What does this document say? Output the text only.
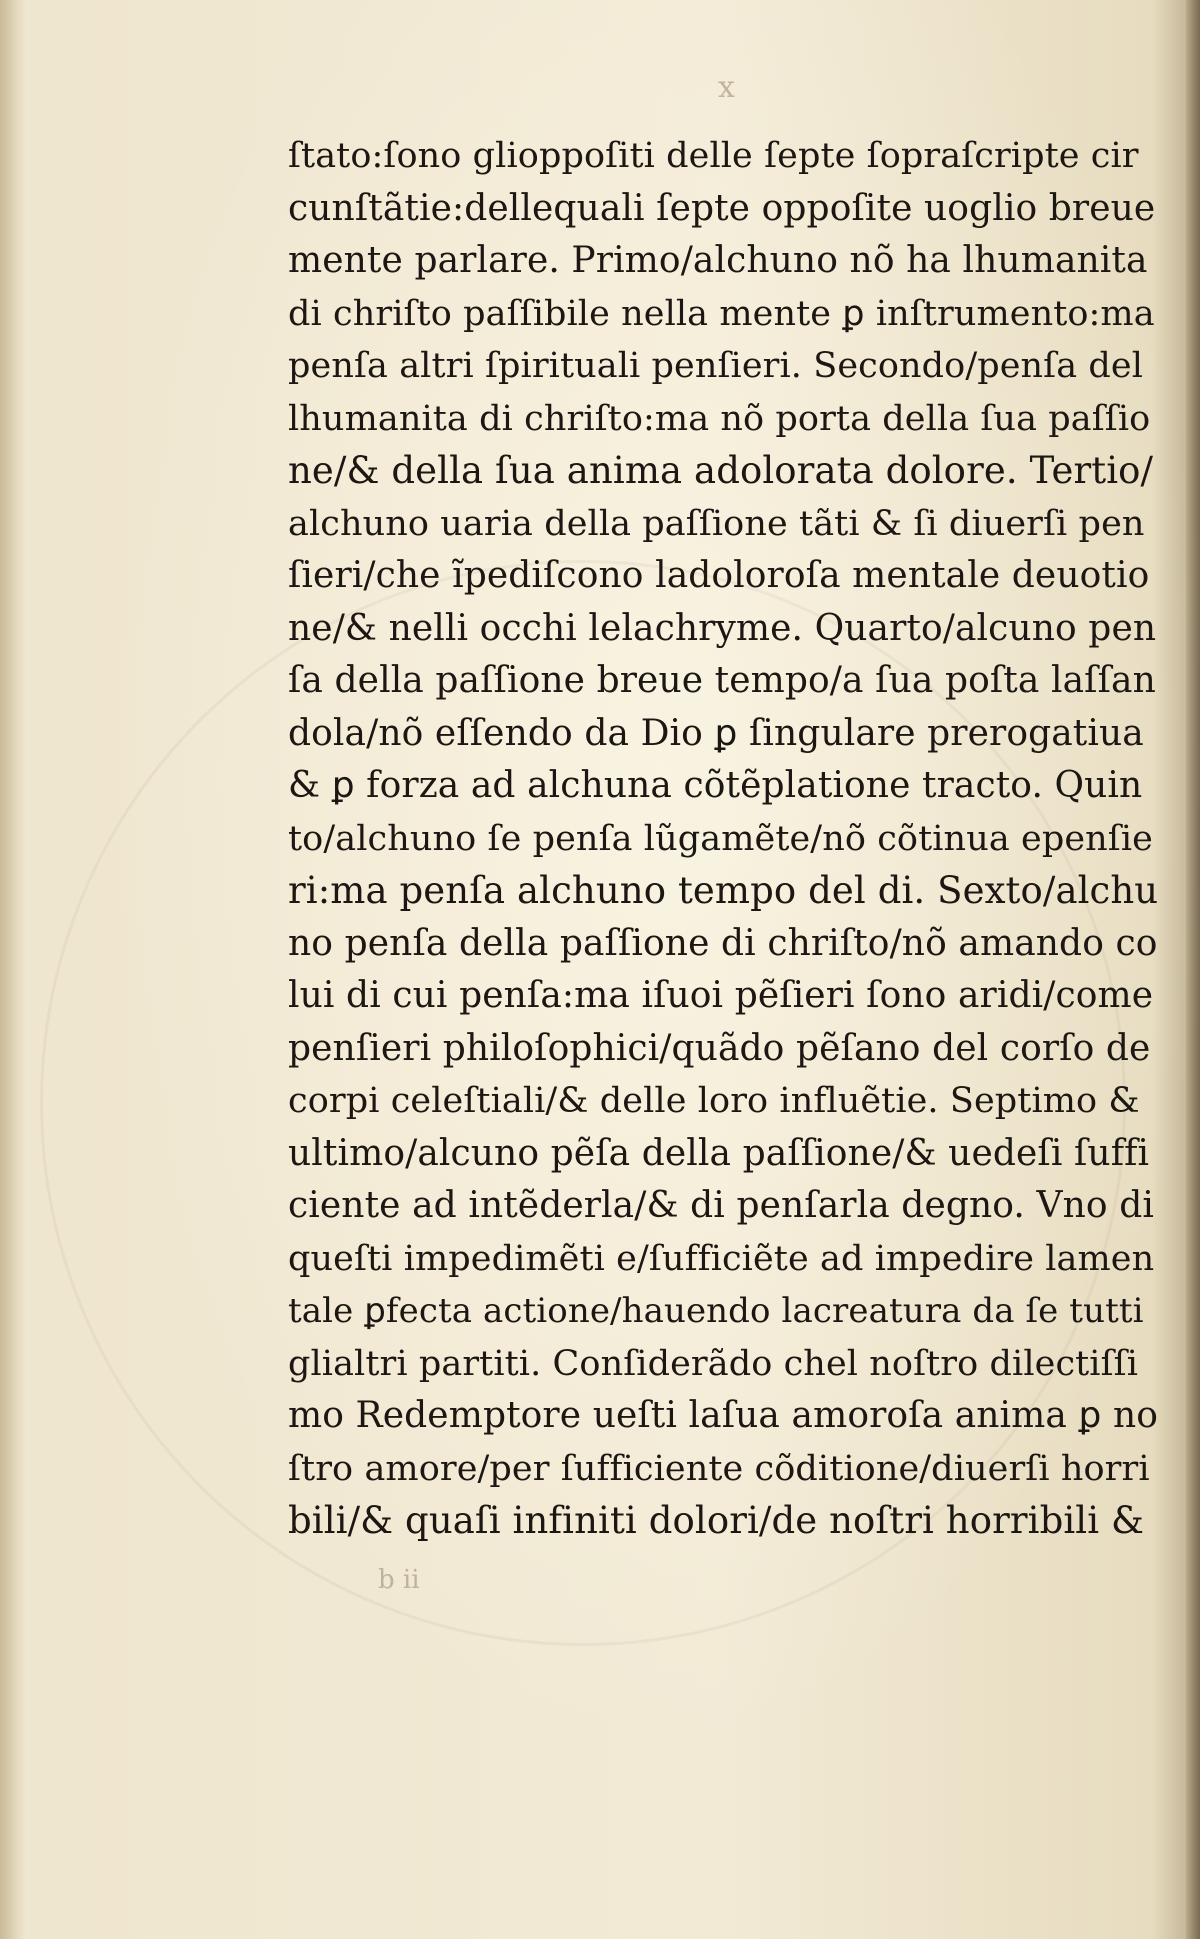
x
ſtato:ſono glioppoſiti delle ſepte ſopraſcripte cir
cunſtãtie:dellequali ſepte oppoſite uoglio breue
mente parlare. Primo/alchuno nõ ha lhumanita
di chriſto paſſibile nella mente ꝑ inſtrumento:ma
penſa altri ſpirituali penſieri. Secondo/penſa del
lhumanita di chriſto:ma nõ porta della ſua paſſio
ne/& della ſua anima adolorata dolore. Tertio/
alchuno uaria della paſſione tãti & ſi diuerſi pen
ſieri/che ĩpediſcono ladoloroſa mentale deuotio
ne/& nelli occhi lelachryme. Quarto/alcuno pen
ſa della paſſione breue tempo/a ſua poſta laſſan
dola/nõ eſſendo da Dio ꝑ ſingulare prerogatiua
& ꝑ forza ad alchuna cõtẽplatione tracto. Quin
to/alchuno ſe penſa lũgamẽte/nõ cõtinua epenſie
ri:ma penſa alchuno tempo del di. Sexto/alchu
no penſa della paſſione di chriſto/nõ amando co
lui di cui penſa:ma iſuoi pẽſieri ſono aridi/come
penſieri philoſophici/quãdo pẽſano del corſo de
corpi celeſtiali/& delle loro influẽtie. Septimo &
ultimo/alcuno pẽſa della paſſione/& uedeſi ſuffi
ciente ad intẽderla/& di penſarla degno. Vno di
queſti impedimẽti e/ſufficiẽte ad impedire lamen
tale ꝑfecta actione/hauendo lacreatura da ſe tutti
glialtri partiti. Conſiderãdo chel noſtro dilectiſſi
mo Redemptore ueſti laſua amoroſa anima ꝑ no
ſtro amore/per ſufficiente cõditione/diuerſi horri
bili/& quaſi infiniti dolori/de noſtri horribili &
b ii
